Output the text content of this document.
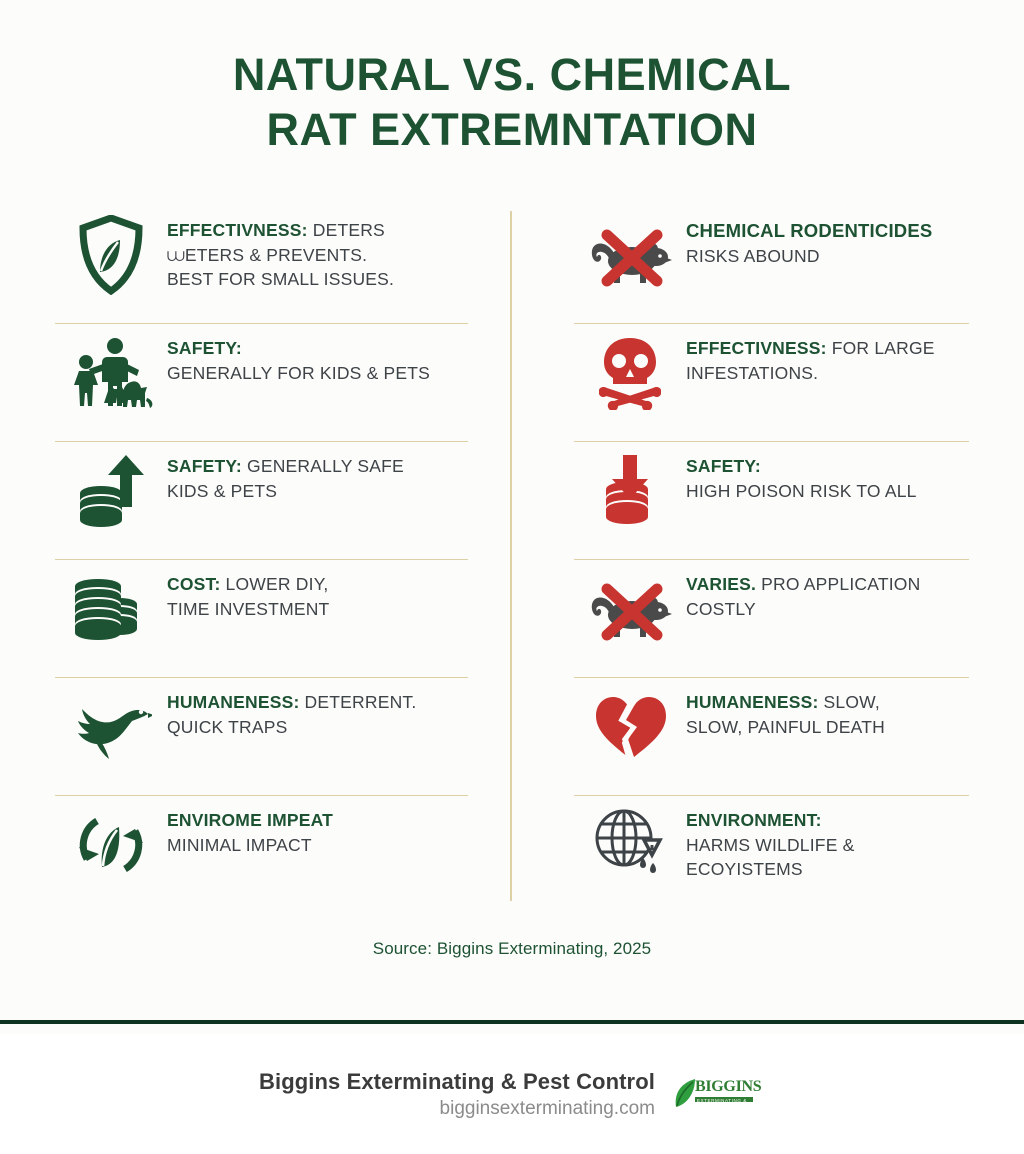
NATURAL VS. CHEMICAL
RAT EXTREMNTATION
EFFECTIVNESS: DETERS
⩊ETERS & PREVENTS.
BEST FOR SMALL ISSUES.
SAFETY:
GENERALLY FOR KIDS & PETS
SAFETY: GENERALLY SAFE
KIDS & PETS
COST: LOWER DIY,
TIME INVESTMENT
HUMANENESS: DETERRENT.
QUICK TRAPS
ENVIROME IMPEAT
MINIMAL IMPACT
CHEMICAL RODENTICIDES
RISKS ABOUND
EFFECTIVNESS: FOR LARGE
INFESTATIONS.
SAFETY:
HIGH POISON RISK TO ALL
VARIES. PRO APPLICATION
COSTLY
HUMANENESS: SLOW,
SLOW, PAINFUL DEATH
ENVIRONMENT:
HARMS WILDLIFE &
ECOYISTEMS
Source: Biggins Exterminating, 2025
Biggins Exterminating & Pest Control
bigginsexterminating.com
BIGGINS
EXTERMINATING & PEST CONTROL
